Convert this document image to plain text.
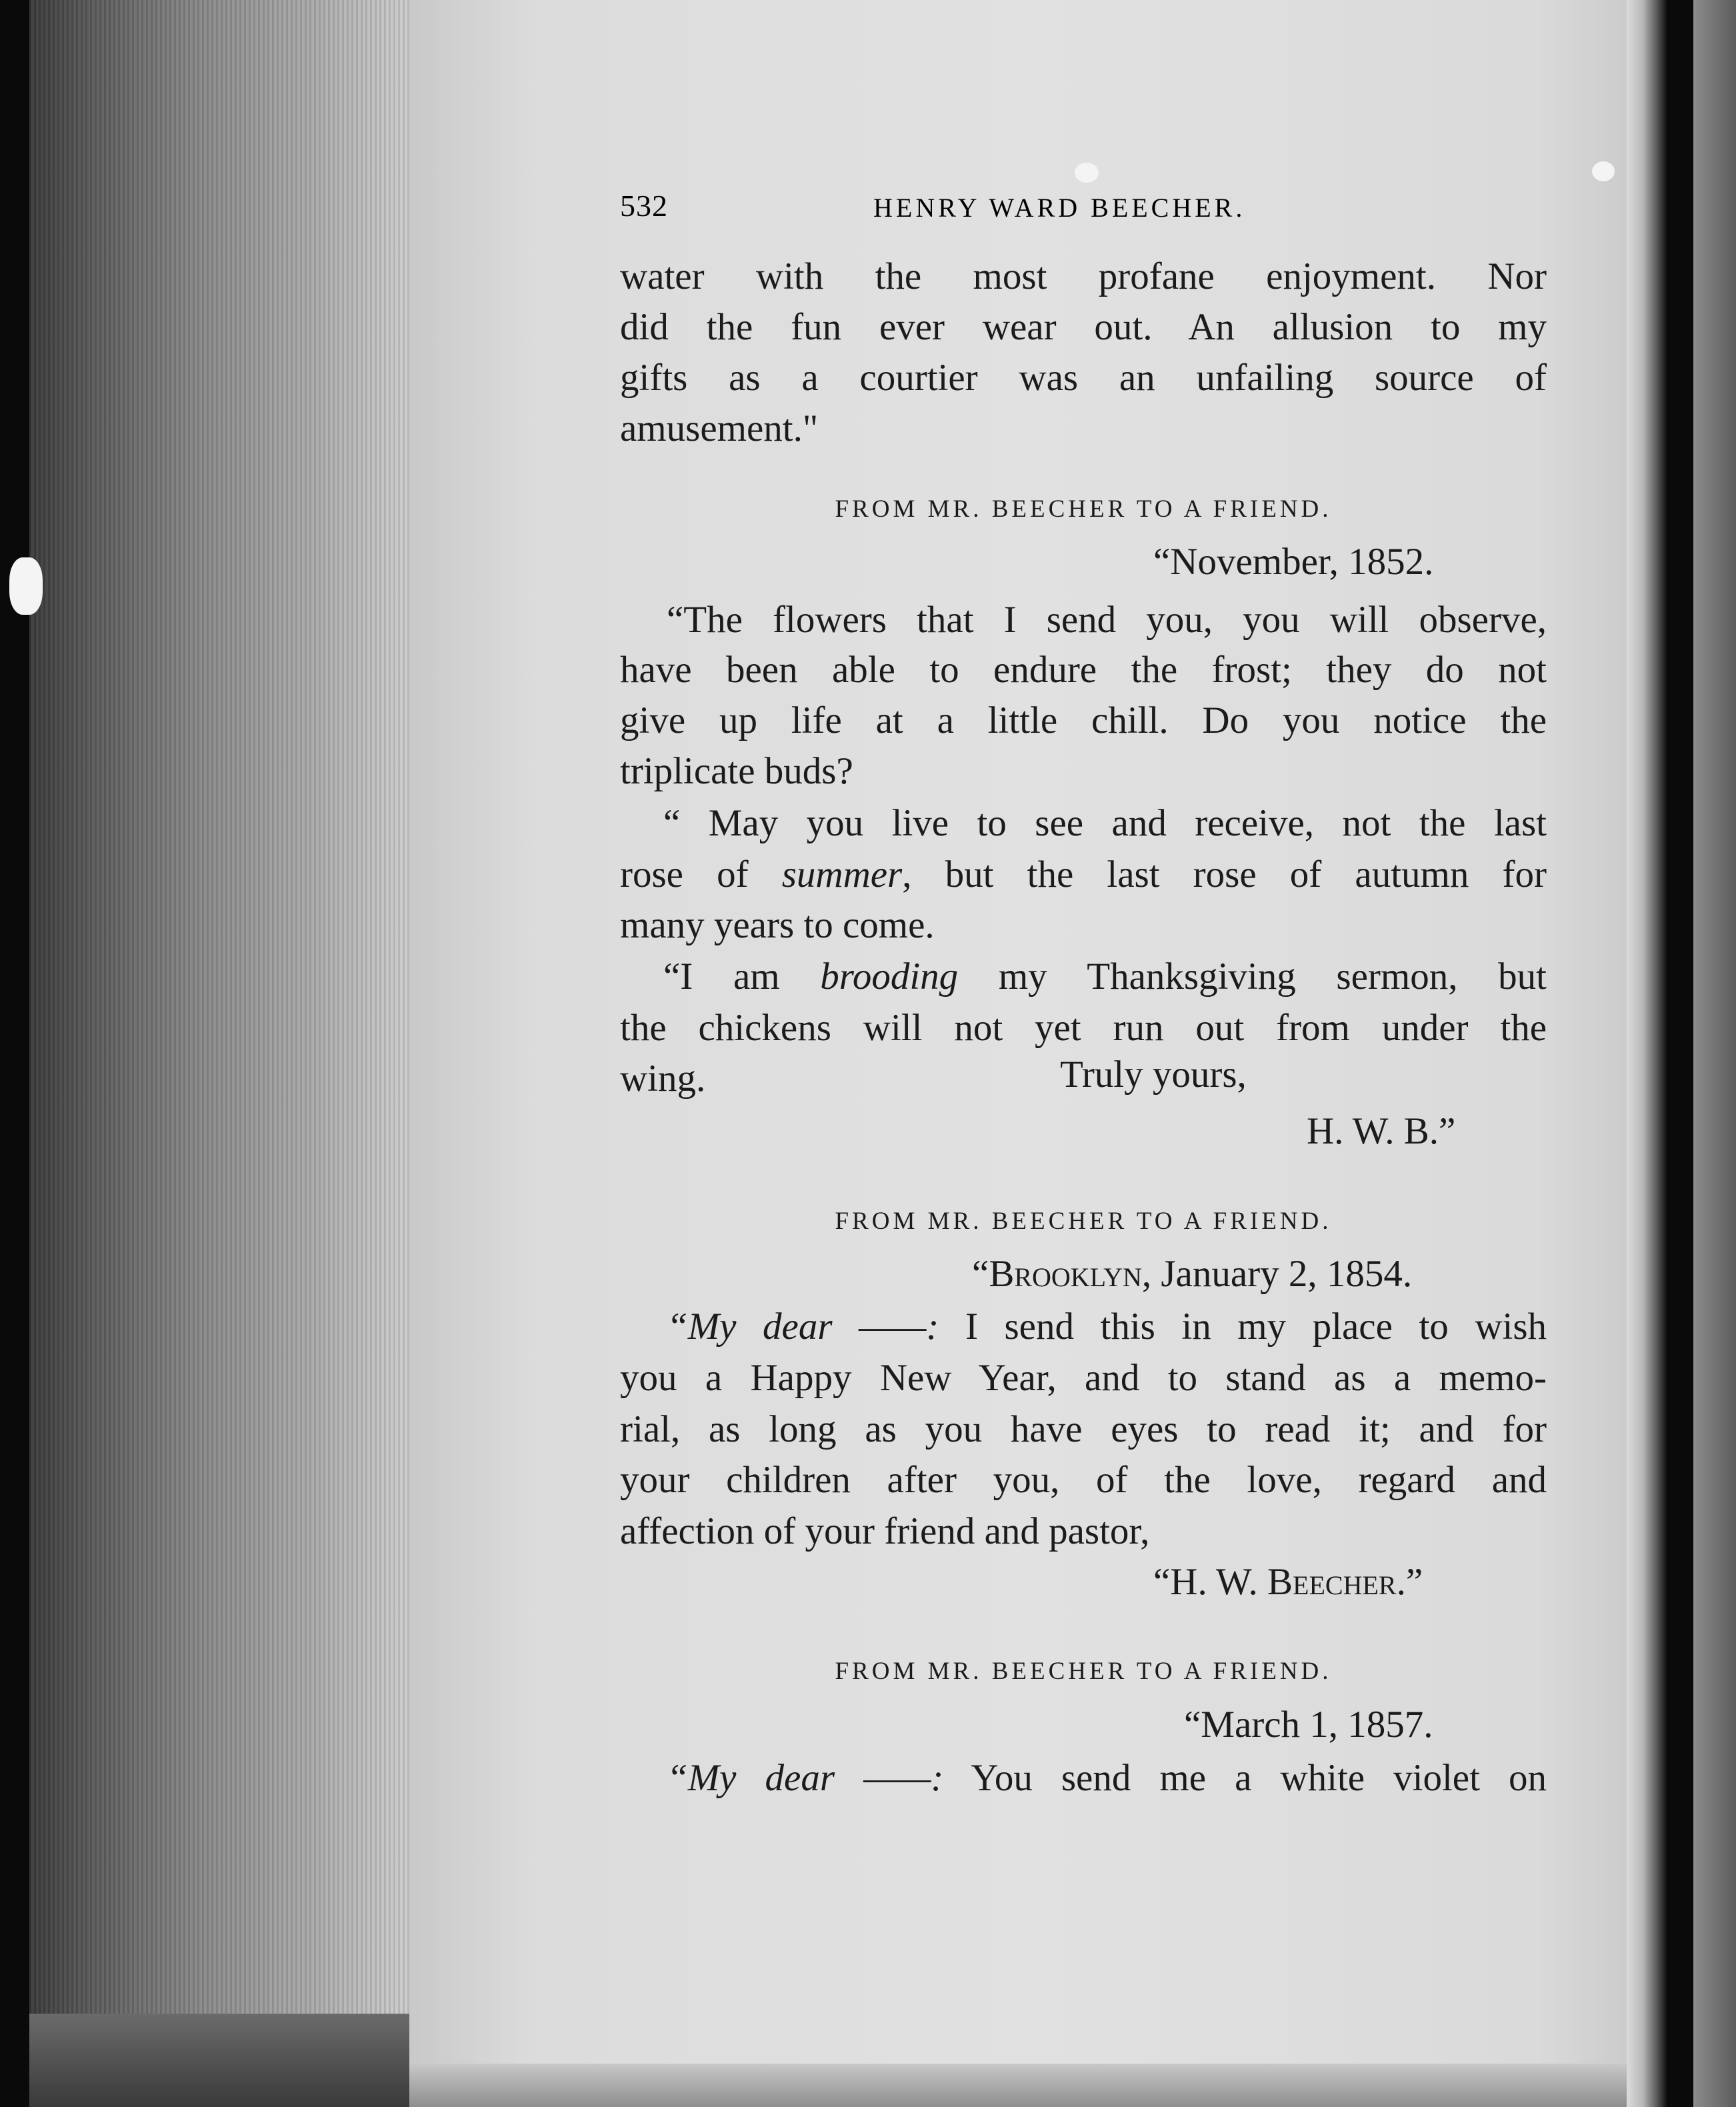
532	HENRY WARD BEECHER.
water with the most profane enjoyment. Nor
did the fun ever wear out. An allusion to my
gifts as a courtier was an unfailing source of
amusement."
FROM MR. BEECHER TO A FRIEND.
“November, 1852.
“The flowers that I send you, you will observe,
have been able to endure the frost; they do not
give up life at a little chill. Do you notice the
triplicate buds?
“ May you live to see and receive, not the last
rose of summer, but the last rose of autumn for
many years to come.
“I am brooding my Thanksgiving sermon, but
the chickens will not yet run out from under the
wing.	Truly yours,
H. W. B.”
FROM MR. BEECHER TO A FRIEND.
“Brooklyn, January 2, 1854.
“My dear ——: I send this in my place to wish
you a Happy New Year, and to stand as a memo-
rial, as long as you have eyes to read it; and for
your children after you, of the love, regard and
affection of your friend and pastor,
“H. W. Beecher.”
FROM MR. BEECHER TO A FRIEND.
“March 1, 1857.
“My dear ——: You send me a white violet on
